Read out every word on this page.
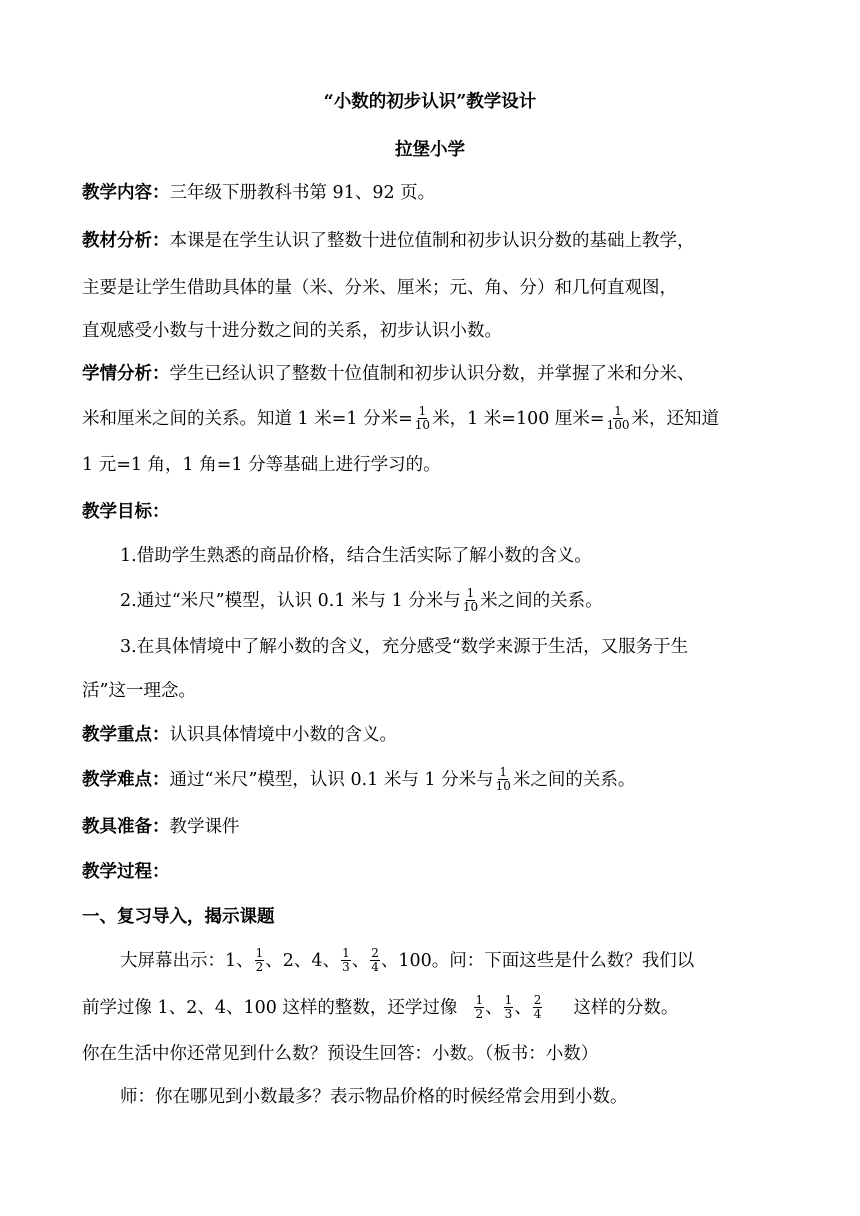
“小数的初步认识”教学设计
拉堡小学
教学内容：三年级下册教科书第 91、92 页。
教材分析：本课是在学生认识了整数十进位值制和初步认识分数的基础上教学，
主要是让学生借助具体的量（米、分米、厘米；元、角、分）和几何直观图，
直观感受小数与十进分数之间的关系，初步认识小数。
学情分析：学生已经认识了整数十位值制和初步认识分数，并掌握了米和分米、
米和厘米之间的关系。知道 1 米=1 分米= $\frac{1}{10}$ 米，1 米=100 厘米= $\frac{1}{100}$ 米，还知道
1 元=1 角，1 角=1 分等基础上进行学习的。
教学目标：
1.借助学生熟悉的商品价格，结合生活实际了解小数的含义。
2.通过“米尺”模型，认识 0.1 米与 1 分米与 $\frac{1}{10}$ 米之间的关系。
3.在具体情境中了解小数的含义，充分感受“数学来源于生活，又服务于生
活”这一理念。
教学重点：认识具体情境中小数的含义。
教学难点：通过“米尺”模型，认识 0.1 米与 1 分米与 $\frac{1}{10}$ 米之间的关系。
教具准备：教学课件
教学过程：
一、复习导入，揭示课题
大屏幕出示：1、 $\frac{1}{2}$ 、2、4、 $\frac{1}{3}$ 、 $\frac{2}{4}$ 、100。问：下面这些是什么数？我们以
前学过像 1、2、4、100 这样的整数，还学过像 $\frac{1}{2}$ 、 $\frac{1}{3}$ 、 $\frac{2}{4}$ 这样的分数。
你在生活中你还常见到什么数？预设生回答：小数。（板书：小数）
师：你在哪见到小数最多？表示物品价格的时候经常会用到小数。
